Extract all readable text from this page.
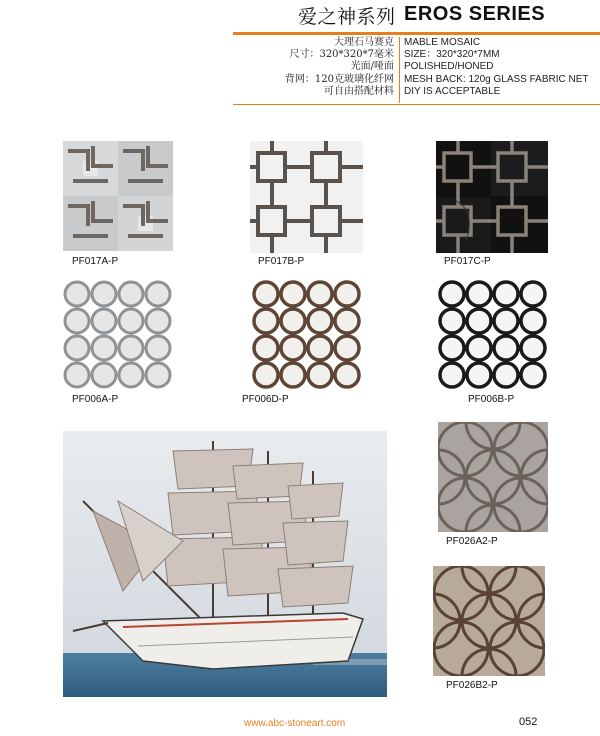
爱之神系列 EROS SERIES
大理石马赛克
尺寸：320*320*7毫米
光面/哑面
背网：120克玻璃化纤网
可自由搭配材料
MABLE MOSAIC
SIZE：320*320*7MM
POLISHED/HONED
MESH BACK: 120g GLASS FABRIC NET
DIY IS ACCEPTABLE
PF017A-P	PF017B-P	PF017C-P
PF006A-P	PF006D-P	PF006B-P
PF026A2-P
PF026B2-P
www.abc-stoneart.com	052
